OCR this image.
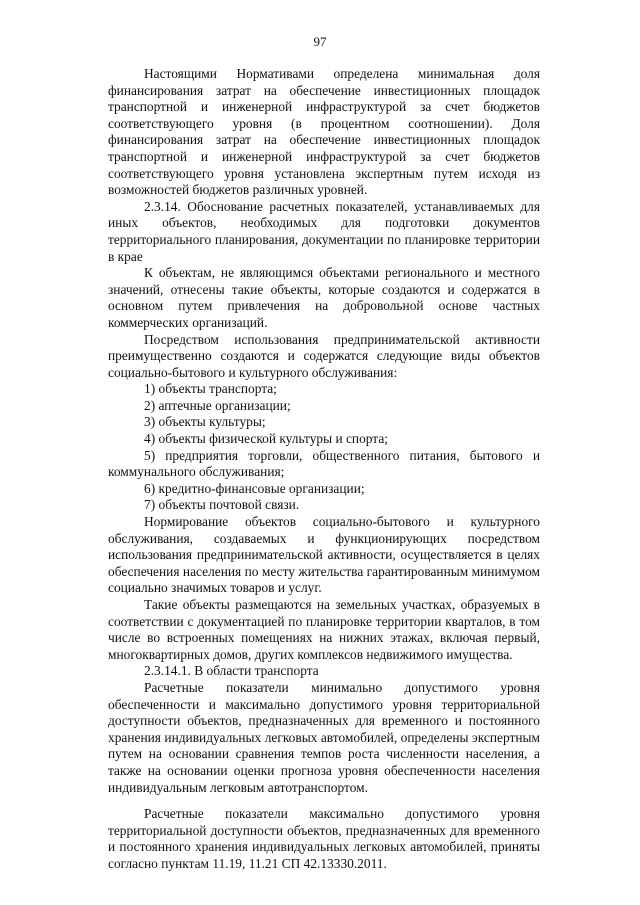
97

Настоящими Нормативами определена минимальная доля финансирования затрат на обеспечение инвестиционных площадок транспортной и инженерной инфраструктурой за счет бюджетов соответствующего уровня (в процентном соотношении). Доля финансирования затрат на обеспечение инвестиционных площадок транспортной и инженерной инфраструктурой за счет бюджетов соответствующего уровня установлена экспертным путем исходя из возможностей бюджетов различных уровней.

2.3.14. Обоснование расчетных показателей, устанавливаемых для иных объектов, необходимых для подготовки документов территориального планирования, документации по планировке территории в крае

К объектам, не являющимся объектами регионального и местного значений, отнесены такие объекты, которые создаются и содержатся в основном путем привлечения на добровольной основе частных коммерческих организаций.

Посредством использования предпринимательской активности преимущественно создаются и содержатся следующие виды объектов социально-бытового и культурного обслуживания:

1) объекты транспорта;

2) аптечные организации;

3) объекты культуры;

4) объекты физической культуры и спорта;

5) предприятия торговли, общественного питания, бытового и коммунального обслуживания;

6) кредитно-финансовые организации;

7) объекты почтовой связи.

Нормирование объектов социально-бытового и культурного обслуживания, создаваемых и функционирующих посредством использования предпринимательской активности, осуществляется в целях обеспечения населения по месту жительства гарантированным минимумом социально значимых товаров и услуг.

Такие объекты размещаются на земельных участках, образуемых в соответствии с документацией по планировке территории кварталов, в том числе во встроенных помещениях на нижних этажах, включая первый, многоквартирных домов, других комплексов недвижимого имущества.

2.3.14.1. В области транспорта

Расчетные показатели минимально допустимого уровня обеспеченности и максимально допустимого уровня территориальной доступности объектов, предназначенных для временного и постоянного хранения индивидуальных легковых автомобилей, определены экспертным путем на основании сравнения темпов роста численности населения, а также на основании оценки прогноза уровня обеспеченности населения индивидуальным легковым автотранспортом.

Расчетные показатели максимально допустимого уровня территориальной доступности объектов, предназначенных для временного и постоянного хранения индивидуальных легковых автомобилей, приняты согласно пунктам 11.19, 11.21 СП 42.13330.2011.
